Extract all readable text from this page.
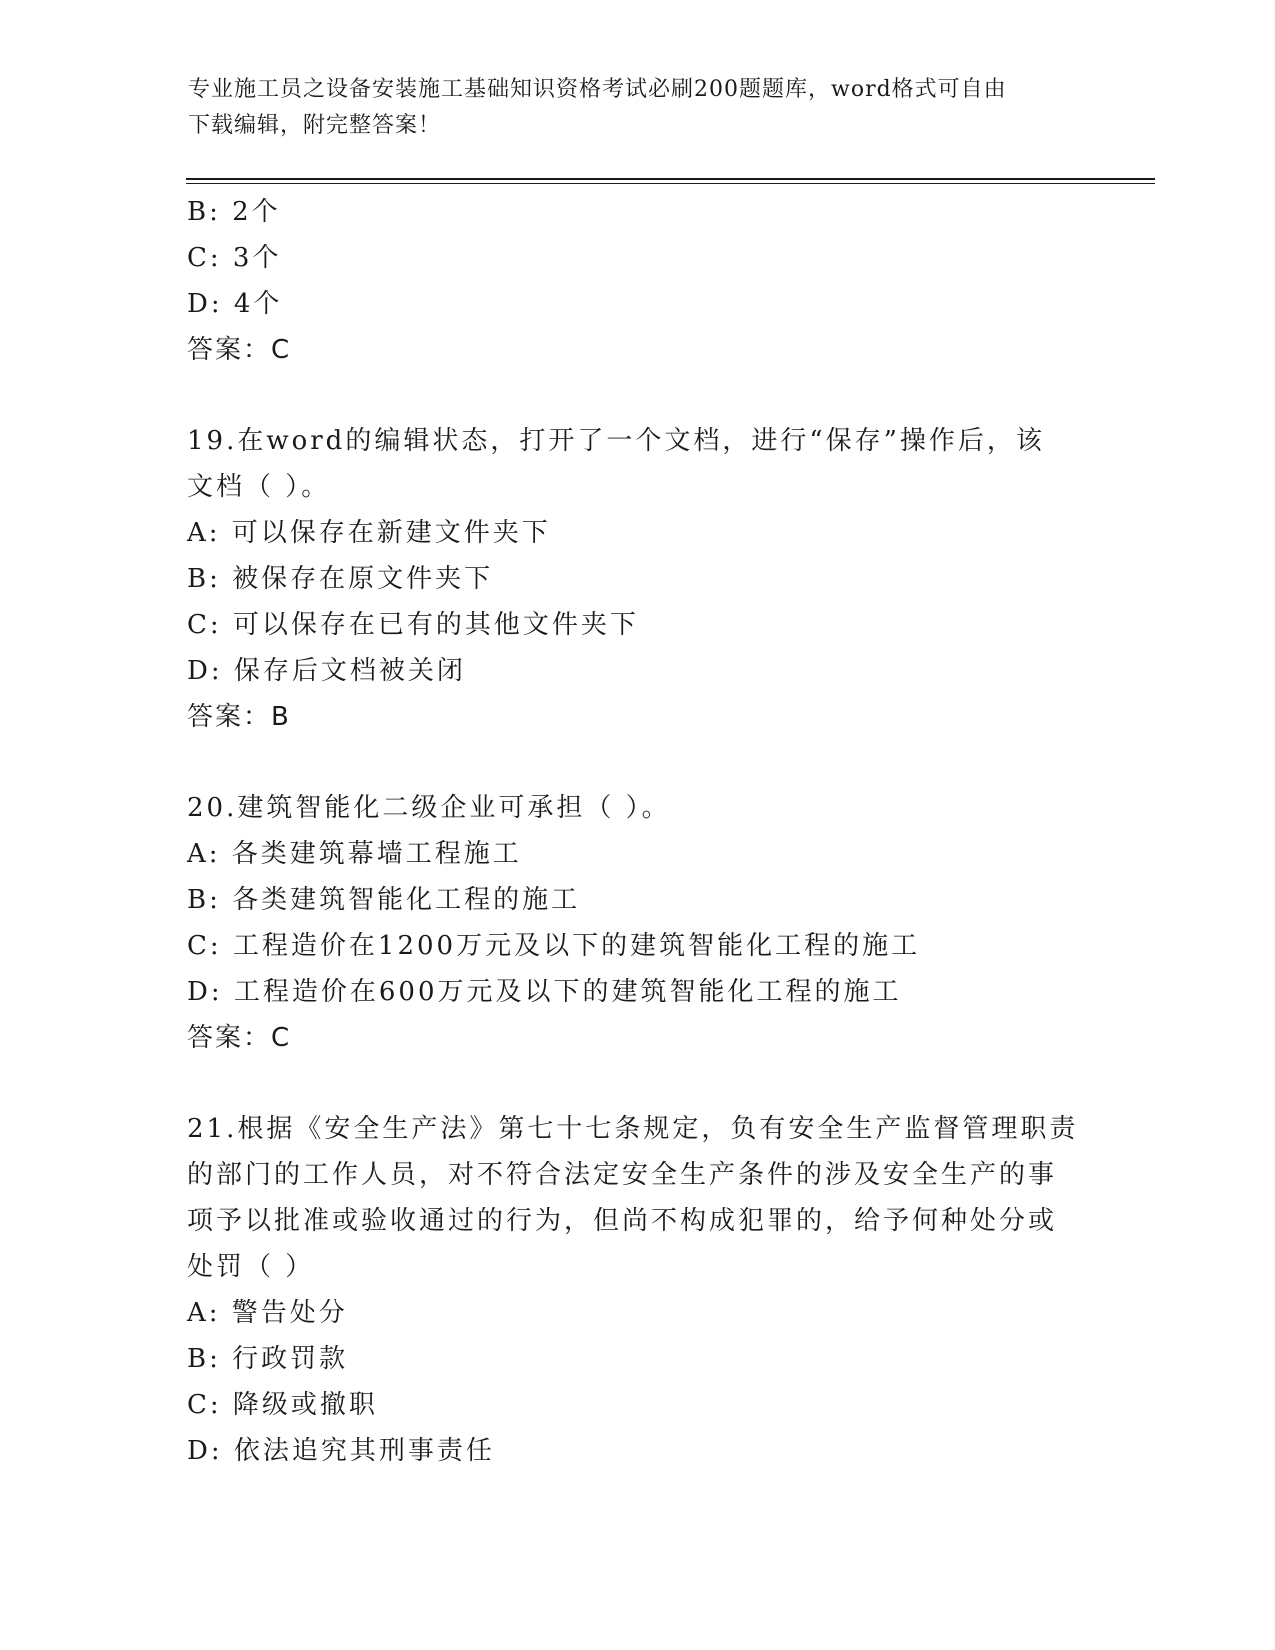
专业施工员之设备安装施工基础知识资格考试必刷200题题库，word格式可自由
下载编辑，附完整答案！
B: 2个
C: 3个
D: 4个
答案：C
19.在word的编辑状态，打开了一个文档，进行“保存”操作后，该
文档（ ）。
A: 可以保存在新建文件夹下
B: 被保存在原文件夹下
C: 可以保存在已有的其他文件夹下
D: 保存后文档被关闭
答案：B
20.建筑智能化二级企业可承担（ ）。
A: 各类建筑幕墙工程施工
B: 各类建筑智能化工程的施工
C: 工程造价在1200万元及以下的建筑智能化工程的施工
D: 工程造价在600万元及以下的建筑智能化工程的施工
答案：C
21.根据《安全生产法》第七十七条规定，负有安全生产监督管理职责
的部门的工作人员，对不符合法定安全生产条件的涉及安全生产的事
项予以批准或验收通过的行为，但尚不构成犯罪的，给予何种处分或
处罚（ ）
A: 警告处分
B: 行政罚款
C: 降级或撤职
D: 依法追究其刑事责任
